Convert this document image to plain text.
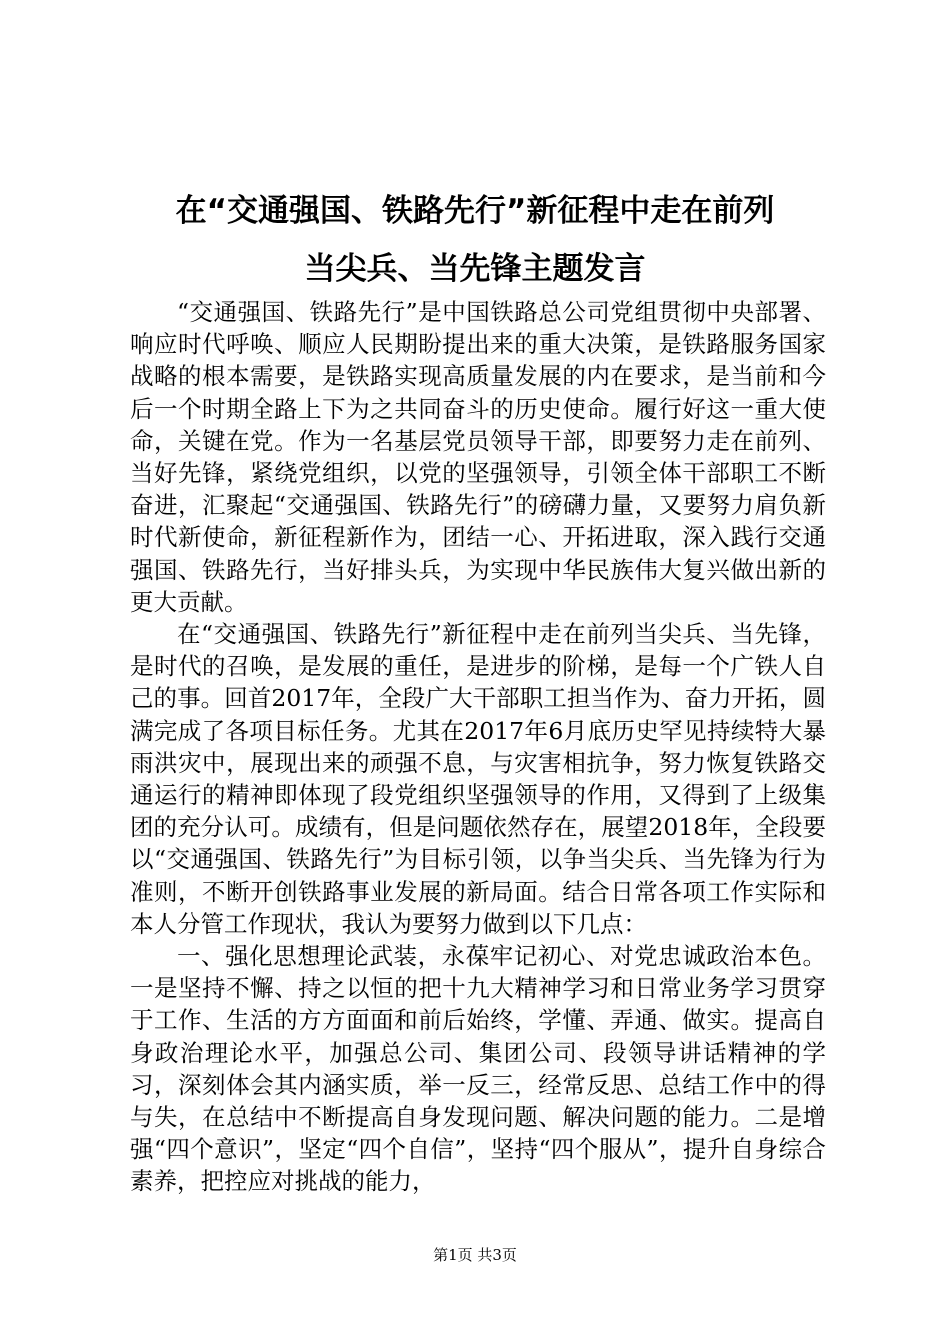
在“交通强国、铁路先行”新征程中走在前列
当尖兵、当先锋主题发言

“交通强国、铁路先行”是中国铁路总公司党组贯彻中央部署、响应时代呼唤、顺应人民期盼提出来的重大决策，是铁路服务国家战略的根本需要，是铁路实现高质量发展的内在要求，是当前和今后一个时期全路上下为之共同奋斗的历史使命。履行好这一重大使命，关键在党。作为一名基层党员领导干部，即要努力走在前列、当好先锋，紧绕党组织，以党的坚强领导，引领全体干部职工不断奋进，汇聚起“交通强国、铁路先行”的磅礴力量，又要努力肩负新时代新使命，新征程新作为，团结一心、开拓进取，深入践行交通强国、铁路先行，当好排头兵，为实现中华民族伟大复兴做出新的更大贡献。

在“交通强国、铁路先行”新征程中走在前列当尖兵、当先锋，是时代的召唤，是发展的重任，是进步的阶梯，是每一个广铁人自己的事。回首2017年，全段广大干部职工担当作为、奋力开拓，圆满完成了各项目标任务。尤其在2017年6月底历史罕见持续特大暴雨洪灾中，展现出来的顽强不息，与灾害相抗争，努力恢复铁路交通运行的精神即体现了段党组织坚强领导的作用，又得到了上级集团的充分认可。成绩有，但是问题依然存在，展望2018年，全段要以“交通强国、铁路先行”为目标引领，以争当尖兵、当先锋为行为准则，不断开创铁路事业发展的新局面。结合日常各项工作实际和本人分管工作现状，我认为要努力做到以下几点：

一、强化思想理论武装，永葆牢记初心、对党忠诚政治本色。一是坚持不懈、持之以恒的把十九大精神学习和日常业务学习贯穿于工作、生活的方方面面和前后始终，学懂、弄通、做实。提高自身政治理论水平，加强总公司、集团公司、段领导讲话精神的学习，深刻体会其内涵实质，举一反三，经常反思、总结工作中的得与失，在总结中不断提高自身发现问题、解决问题的能力。二是增强“四个意识”，坚定“四个自信”，坚持“四个服从”，提升自身综合素养，把控应对挑战的能力，

第1页 共3页
